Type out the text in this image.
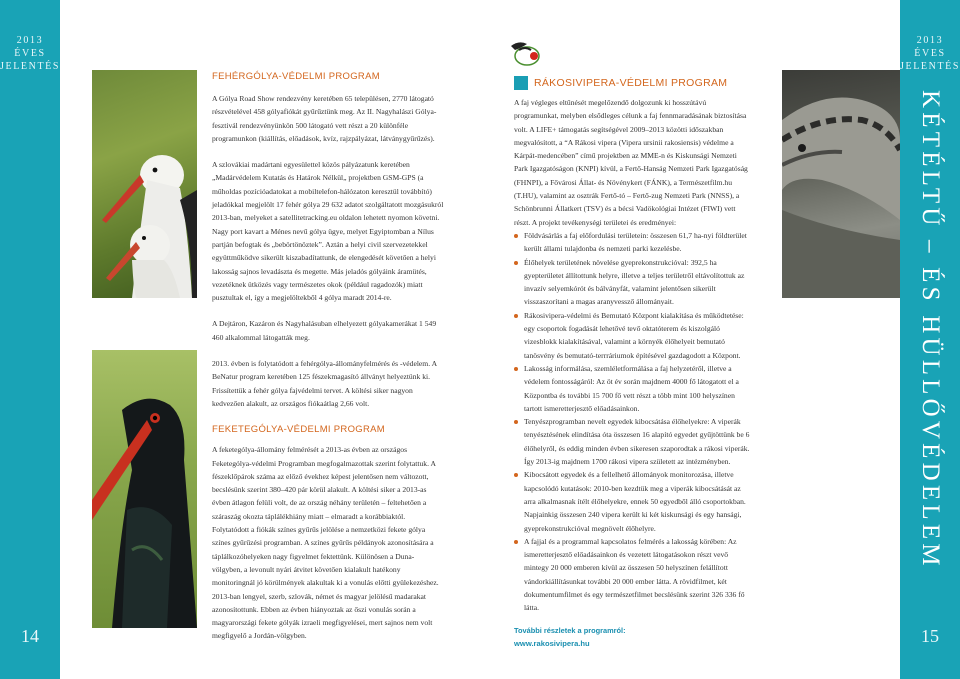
2013 ÉVES
JELENTÉS
14
2013 ÉVES
JELENTÉS
KÉTÉLTŰ – ÉS HÜLLŐVÉDELEM
15
FEHÉRGÓLYA-VÉDELMI PROGRAM

A Gólya Road Show rendezvény keretében 65 településen, 2770 látogató részvételével 458 gólyafiókát gyűrűztünk meg. Az II. Nagyhalászi Gólya-fesztivál rendezvényünkön 500 látogató vett részt a 20 különféle programunkon (kiállítás, előadások, kvíz, rajzpályázat, látványgyűrűzés).

A szlovákiai madártani egyesülettel közös pályázatunk keretében „Madárvédelem Kutatás és Határok Nélkül„ projektben GSM-GPS (a műholdas pozícióadatokat a mobiltelefon-hálózaton keresztül továbbító) jeladókkal megjelölt 17 fehér gólya 29 632 adatot szolgáltatott mozgásukról 2013-ban, melyeket a satellitetracking.eu oldalon lehetett nyomon követni. Nagy port kavart a Ménes nevű gólya ügye, melyet Egyiptomban a Nílus partján befogtak és „bebörtönöztek”. Aztán a helyi civil szervezetekkel együttműködve sikerült kiszabadítattunk, de elengedését követően a helyi lakosság sajnos levadászta és megette. Más jeladós gólyáink áramütés, vezetéknek ütközés vagy természetes okok (például ragadozók) miatt pusztultak el, így a megjelöltekből 4 gólya maradt 2014-re.

A Dejtáron, Kazáron és Nagyhalásuban elhelyezett gólyakamerákat 1 549 460 alkalommal látogatták meg.

2013. évben is folytatódott a fehérgólya-állományfelmérés és -védelem. A BeNatur program keretében 125 fészekmagasító állványt helyeztünk ki. Frissítettük a fehér gólya fajvédelmi tervet. A költési siker nagyon kedvezően alakult, az országos fiókaátlag 2,66 volt.

FEKETEGÓLYA-VÉDELMI PROGRAM

A feketególya-állomány felmérését a 2013-as évben az országos Feketególya-védelmi Programban megfogalmazottak szerint folytattuk. A fészeklőpárok száma az előző évekhez képest jelentősen nem változott, becslésünk szerint 380–420 pár körül alakult. A költési siker a 2013-as évben átlagon felüli volt, de az ország néhány területén – feltehetően a száraszág okozta táplálékhiány miatt – elmaradt a korábbiaktól. Folytatódott a fiókák színes gyűrűs jelölése a nemzetközi fekete gólya színes gyűrűzési programban. A színes gyűrűs példányok azonosítására a táplálkozóhelyeken nagy figyelmet fektettünk. Különösen a Duna-völgyben, a levonult nyári átvitet követően kialakult hatékony monitoringnál jó körülmények alakultak ki a vonulás előtti gyülekezéshez. 2013-ban lengyel, szerb, szlovák, német és magyar jelölésű madarakat azonosítottunk. Ebben az évben hiányoztak az őszi vonulás során a magyarországi fekete gólyák izraeli megfigyelései, mert sajnos nem volt megfigyelő a Jordán-völgyben.

RÁKOSIVIPERA-VÉDELMI PROGRAM

A faj végleges eltűnését megelőzendő dolgozunk ki hosszútávú programunkat, melyben elsődleges célunk a faj fennmaradásának biztosítása volt. A LIFE+ támogatás segítségével 2009–2013 közötti időszakban megvalósított, a “A Rákosi vipera (Vipera ursinii rakosiensis) védelme a Kárpát-medencében” című projektben az MME-n és Kiskunsági Nemzeti Park Igazgatóságon (KNPI) kívül, a Fertő-Hanság Nemzeti Park Igazgatóság (FHNPI), a Fővárosi Állat- és Növénykert (FÁNK), a Természetfilm.hu (T.HU), valamint az osztrák Fertő-tó – Fertő-zug Nemzeti Park (NNSS), a Schönbrunni Állatkert (TSV) és a bécsi Vadökológiai Intézet (FIWI) vett részt. A projekt tevékenységi területei és eredményei:

Földvásárlás a faj előfordulási területein: összesen 61,7 ha-nyi földterület került állami tulajdonba és nemzeti parki kezelésbe.
Élőhelyek területének növelése gyeprekonstrukcióval: 392,5 ha gyepterületet állítottunk helyre, illetve a teljes területről eltávolítottuk az invazív selyemkórót és bálványfát, valamint jelentősen sikerült visszaszorítani a magas aranyvessző állományait.
Rákosivipera-védelmi és Bemutató Központ kialakítása és működtetése: egy csoportok fogadását lehetővé tevő oktatóterem és kiszolgáló vizesblokk kialakításával, valamint a környék élőhelyeit bemutató tanösvény és bemutató-terrráriumok építésével gazdagodott a Központ.
Lakosság informálása, szemléletformálása a faj helyzetéről, illetve a védelem fontosságáról: Az öt év során majdnem 4000 fő látogatott el a Központba és további 15 700 fő vett részt a több mint 100 helyszínen tartott ismeretterjesztő előadásainkon.
Tenyészprogramban nevelt egyedek kibocsátása élőhelyekre: A viperák tenyésztésének elindítása óta összesen 16 alapító egyedet gyűjtöttünk be 6 élőhelyről, és eddig minden évben sikeresen szaporodtak a rákosi viperák. Így 2013-ig majdnem 1700 rákosi vipera született az intézményben.
Kibocsátott egyedek és a fellelhető állományok monitorozása, illetve kapcsolódó kutatások: 2010-ben kezdtük meg a viperák kibocsátását az arra alkalmasnak ítélt élőhelyekre, ennek 50 egyedből álló csoportokban. Napjainkig összesen 240 vipera került ki két kiskunsági és egy hansági, gyeprekonstrukcióval megnövelt élőhelyre.
A fajjal és a programmal kapcsolatos felmérés a lakosság körében: Az ismeretterjesztő előadásainkon és vezetett látogatásokon részt vevő mintegy 20 000 emberen kívül az összesen 50 helyszínen felállított vándorkiállításunkat további 20 000 ember látta. A rövidfilmet, két dokumentumfilmet és egy természetfilmet becslésünk szerint 326 336 fő látta.
További részletek a programról:
www.rakosivipera.hu
